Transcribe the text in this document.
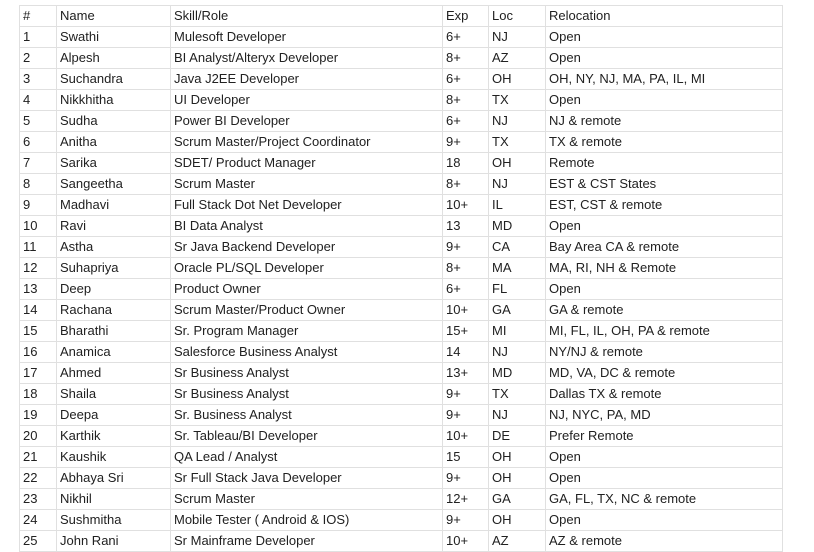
#	Name	Skill/Role	Exp	Loc	Relocation
1	Swathi	Mulesoft Developer	6+	NJ	Open
2	Alpesh	BI Analyst/Alteryx Developer	8+	AZ	Open
3	Suchandra	Java J2EE Developer	6+	OH	OH, NY, NJ, MA, PA, IL, MI
4	Nikkhitha	UI Developer	8+	TX	Open
5	Sudha	Power BI Developer	6+	NJ	NJ & remote
6	Anitha	Scrum Master/Project Coordinator	9+	TX	TX & remote
7	Sarika	SDET/ Product Manager	18	OH	Remote
8	Sangeetha	Scrum Master	8+	NJ	EST & CST States
9	Madhavi	Full Stack Dot Net Developer	10+	IL	EST, CST & remote
10	Ravi	BI Data Analyst	13	MD	Open
11	Astha	Sr Java Backend Developer	9+	CA	Bay Area CA & remote
12	Suhapriya	Oracle PL/SQL Developer	8+	MA	MA, RI, NH & Remote
13	Deep	Product Owner	6+	FL	Open
14	Rachana	Scrum Master/Product Owner	10+	GA	GA & remote
15	Bharathi	Sr. Program Manager	15+	MI	MI, FL, IL, OH, PA & remote
16	Anamica	Salesforce Business Analyst	14	NJ	NY/NJ & remote
17	Ahmed	Sr Business Analyst	13+	MD	MD, VA, DC & remote
18	Shaila	Sr Business Analyst	9+	TX	Dallas TX & remote
19	Deepa	Sr. Business Analyst	9+	NJ	NJ, NYC, PA, MD
20	Karthik	Sr. Tableau/BI Developer	10+	DE	Prefer Remote
21	Kaushik	QA Lead / Analyst	15	OH	Open
22	Abhaya Sri	Sr Full Stack Java Developer	9+	OH	Open
23	Nikhil	Scrum Master	12+	GA	GA, FL, TX, NC & remote
24	Sushmitha	Mobile Tester ( Android & IOS)	9+	OH	Open
25	John Rani	Sr Mainframe Developer	10+	AZ	AZ & remote
